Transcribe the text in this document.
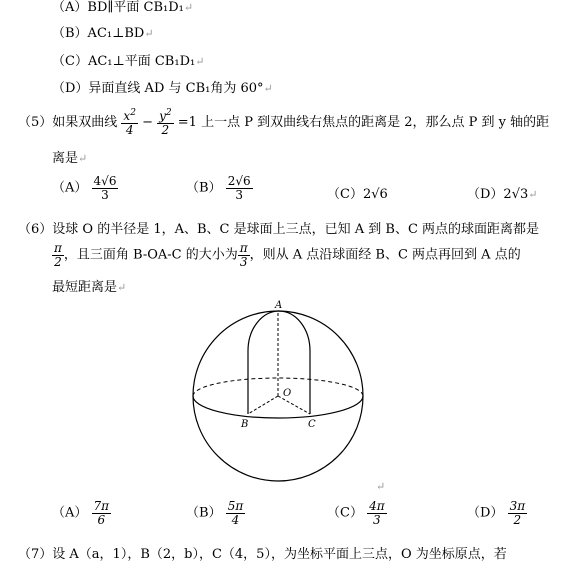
（A）BD∥平面 CB₁D₁↵
（B）AC₁⊥BD↵
（C）AC₁⊥平面 CB₁D₁↵
（D）异面直线 AD 与 CB₁角为 60°↵
（5）如果双曲线 $\frac{x^2}{4} - \frac{y^2}{2} =1$ 上一点 P 到双曲线右焦点的距离是 2，那么点 P 到 y 轴的距
离是↵
$(A) \frac{4√6}{3}$	$(B) \frac{2√6}{3}$	（C）2√6	（D）2√3↵
（6）设球 O 的半径是 1，A、B、C 是球面上三点，已知 A 到 B、C 两点的球面距离都是
$\frac{\pi}{2}$ ，且三面角 B-OA-C 的大小为 $\frac{\pi}{3}$ ，则从 A 点沿球面经 B、C 两点再回到 A 点的
最短距离是↵
A
O
B	C
↵
$(A) \frac{7\pi}{6}$	$(B) \frac{5\pi}{4}$	$(C) \frac{4\pi}{3}$	$(D) \frac{3\pi}{2}$
（7）设 A（a，1），B（2，b），C（4，5），为坐标平面上三点，O 为坐标原点，若
